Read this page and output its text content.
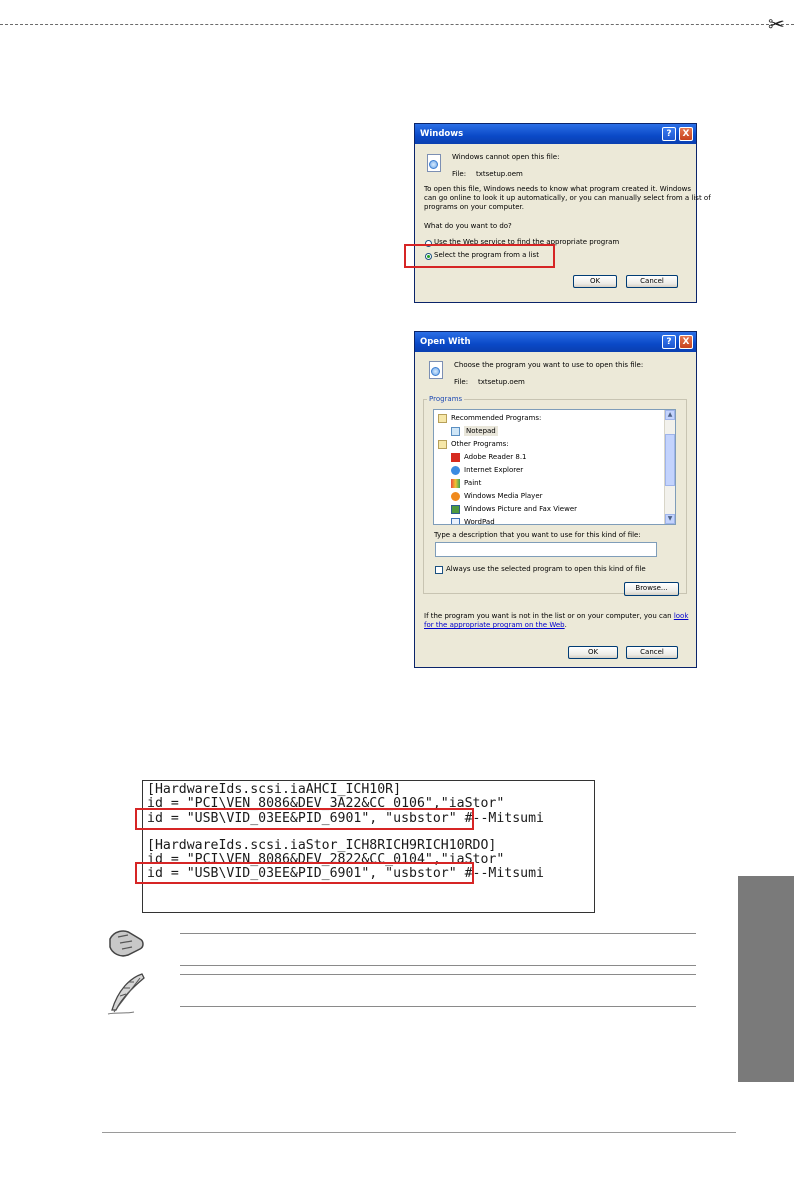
✂
Windows	?	X
Windows cannot open this file:
File: txtsetup.oem
To open this file, Windows needs to know what program created it. Windows
can go online to look it up automatically, or you can manually select from a list of
programs on your computer.
What do you want to do?
Use the Web service to find the appropriate program
Select the program from a list
OK	Cancel
Open With	?	X
Choose the program you want to use to open this file:
File: txtsetup.oem
Programs
Recommended Programs:
Notepad
Other Programs:
Adobe Reader 8.1
Internet Explorer
Paint
Windows Media Player
Windows Picture and Fax Viewer
WordPad
▲
▼
Type a description that you want to use for this kind of file:
Always use the selected program to open this kind of file
Browse...
If the program you want is not in the list or on your computer, you can look
for the appropriate program on the Web.
OK	Cancel
[HardwareIds.scsi.iaAHCI_ICH10R]
id = "PCI\VEN_8086&DEV_3A22&CC_0106","iaStor"
id = "USB\VID_03EE&PID_6901", "usbstor" #--Mitsumi
[HardwareIds.scsi.iaStor_ICH8RICH9RICH10RDO]
id = "PCI\VEN_8086&DEV_2822&CC_0104","iaStor"
id = "USB\VID_03EE&PID_6901", "usbstor" #--Mitsumi
